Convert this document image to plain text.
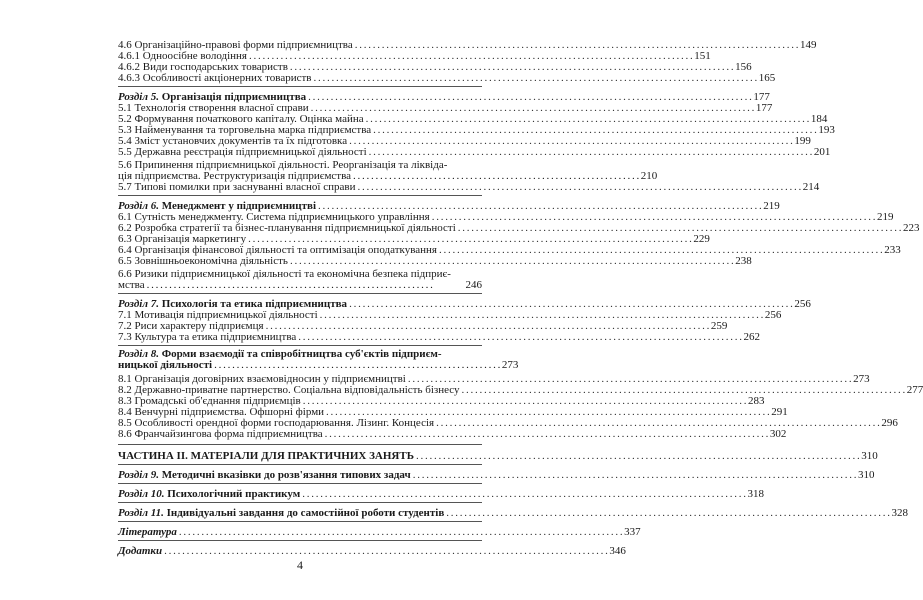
4.6 Організаційно-правові форми підприємництва . . .	149
4.6.1 Одноосібне володіння . . .	151
4.6.2 Види господарських товариств . . .	156
4.6.3 Особливості акціонерних товариств . . .	165
Розділ 5. Організація підприємництва . . .	177
5.1 Технологія створення власної справи . . .	177
5.2 Формування початкового капіталу. Оцінка майна . . .	184
5.3 Найменування та торговельна марка підприємства . . .	193
5.4 Зміст установчих документів та їх підготовка . . .	199
5.5 Державна реєстрація підприємницької діяльності . . .	201
5.6 Припинення підприємницької діяльності. Реорганізація та ліквіда-
ція підприємства. Реструктуризація підприємства . . .	210
5.7 Типові помилки при заснуванні власної справи . . .	214
Розділ 6. Менеджмент у підприємництві . . .	219
6.1 Сутність менеджменту. Система підприємницького управління . . .	219
6.2 Розробка стратегії та бізнес-планування підприємницької діяльності . . .	223
6.3 Організація маркетингу . . .	229
6.4 Організація фінансової діяльності та оптимізація оподаткування . . .	233
6.5 Зовнішньоекономічна діяльність . . .	238
6.6 Ризики підприємницької діяльності та економічна безпека підприє-
мства . . .	246
Розділ 7. Психологія та етика підприємництва . . .	256
7.1 Мотивація підприємницької діяльності . . .	256
7.2 Риси характеру підприємця . . .	259
7.3 Культура та етика підприємництва . . .	262
Розділ 8. Форми взаємодії та співробітництва суб'єктів підприєм-
ницької діяльності . . .	273
8.1 Організація договірних взаємовідносин у підприємництві . . .	273
8.2 Державно-приватне партнерство. Соціальна відповідальність бізнесу . . .	277
8.3 Громадські об'єднання підприємців . . .	283
8.4 Венчурні підприємства. Офшорні фірми . . .	291
8.5 Особливості орендної форми господарювання. Лізинг. Концесія . . .	296
8.6 Франчайзингова форма підприємництва . . .	302
ЧАСТИНА ІІ. МАТЕРІАЛИ ДЛЯ ПРАКТИЧНИХ ЗАНЯТЬ . . .	310
Розділ 9. Методичні вказівки до розв'язання типових задач . . .	310
Розділ 10. Психологічний практикум . . .	318
Розділ 11. Індивідуальні завдання до самостійної роботи студентів . . .	328
Література . . .	337
Додатки . . .	346
4
